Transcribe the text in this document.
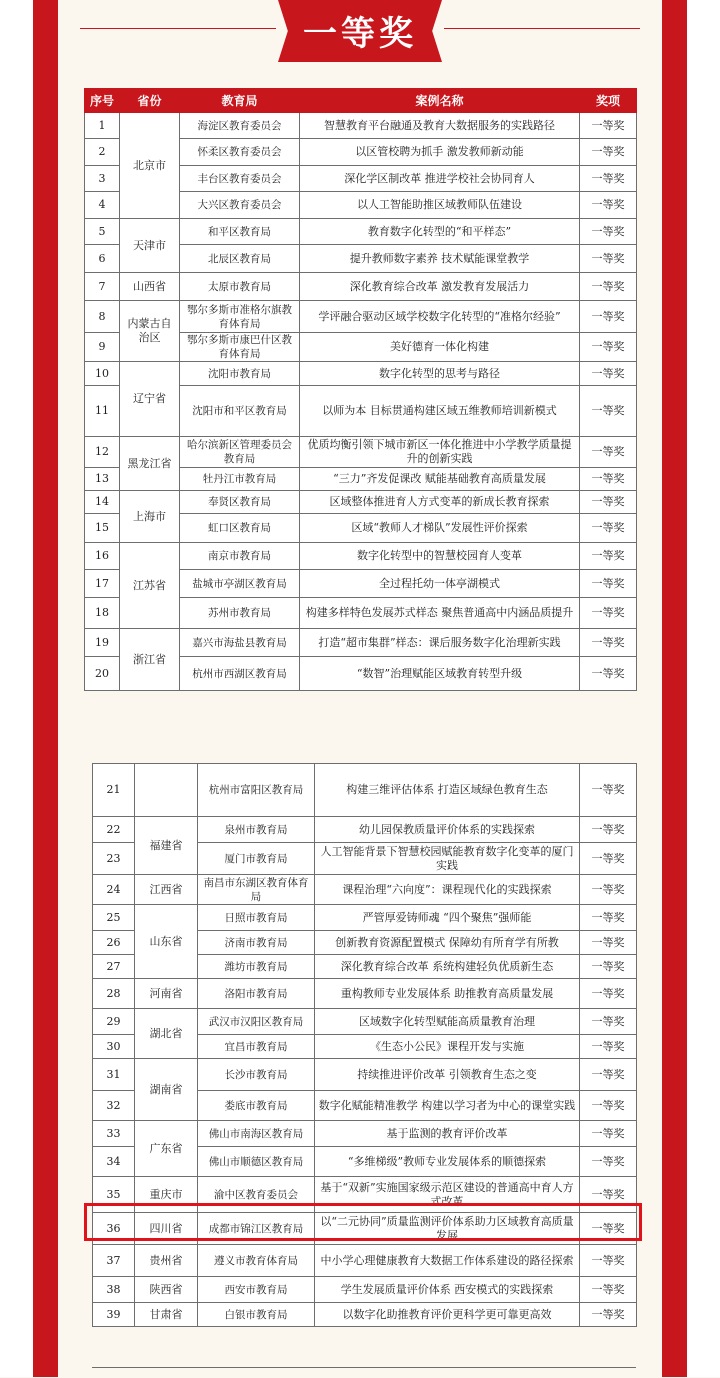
一等奖
序号	省份	教育局	案例名称	奖项
1	北京市	海淀区教育委员会	智慧教育平台融通及教育大数据服务的实践路径	一等奖
2		怀柔区教育委员会	以区管校聘为抓手 激发教师新动能	一等奖
3		丰台区教育委员会	深化学区制改革 推进学校社会协同育人	一等奖
4		大兴区教育委员会	以人工智能助推区域教师队伍建设	一等奖
5	天津市	和平区教育局	教育数字化转型的“和平样态”	一等奖
6		北辰区教育局	提升教师数字素养 技术赋能课堂教学	一等奖
7	山西省	太原市教育局	深化教育综合改革 激发教育发展活力	一等奖
8	内蒙古自治区	鄂尔多斯市准格尔旗教育体育局	学评融合驱动区域学校数字化转型的“准格尔经验”	一等奖
9		鄂尔多斯市康巴什区教育体育局	美好德育一体化构建	一等奖
10	辽宁省	沈阳市教育局	数字化转型的思考与路径	一等奖
11		沈阳市和平区教育局	以师为本 目标贯通构建区域五维教师培训新模式	一等奖
12	黑龙江省	哈尔滨新区管理委员会教育局	优质均衡引领下城市新区一体化推进中小学教学质量提升的创新实践	一等奖
13		牡丹江市教育局	“三力”齐发促课改 赋能基础教育高质量发展	一等奖
14	上海市	奉贤区教育局	区域整体推进育人方式变革的新成长教育探索	一等奖
15		虹口区教育局	区域“教师人才梯队”发展性评价探索	一等奖
16	江苏省	南京市教育局	数字化转型中的智慧校园育人变革	一等奖
17		盐城市亭湖区教育局	全过程托幼一体亭湖模式	一等奖
18		苏州市教育局	构建多样特色发展苏式样态 聚焦普通高中内涵品质提升	一等奖
19	浙江省	嘉兴市海盐县教育局	打造“超市集群”样态：课后服务数字化治理新实践	一等奖
20		杭州市西湖区教育局	“数智”治理赋能区域教育转型升级	一等奖
21		杭州市富阳区教育局	构建三维评估体系 打造区域绿色教育生态	一等奖
22	福建省	泉州市教育局	幼儿园保教质量评价体系的实践探索	一等奖
23		厦门市教育局	人工智能背景下智慧校园赋能教育数字化变革的厦门实践	一等奖
24	江西省	南昌市东湖区教育体育局	课程治理“六向度”：课程现代化的实践探索	一等奖
25	山东省	日照市教育局	严管厚爱铸师魂 “四个聚焦”强师能	一等奖
26		济南市教育局	创新教育资源配置模式 保障幼有所育学有所教	一等奖
27		潍坊市教育局	深化教育综合改革 系统构建轻负优质新生态	一等奖
28	河南省	洛阳市教育局	重构教师专业发展体系 助推教育高质量发展	一等奖
29	湖北省	武汉市汉阳区教育局	区域数字化转型赋能高质量教育治理	一等奖
30		宜昌市教育局	《生态小公民》课程开发与实施	一等奖
31	湖南省	长沙市教育局	持续推进评价改革 引领教育生态之变	一等奖
32		娄底市教育局	数字化赋能精准教学 构建以学习者为中心的课堂实践	一等奖
33	广东省	佛山市南海区教育局	基于监测的教育评价改革	一等奖
34		佛山市顺德区教育局	“多维梯级”教师专业发展体系的顺德探索	一等奖
35	重庆市	渝中区教育委员会	基于“双新”实施国家级示范区建设的普通高中育人方式改革	一等奖
36	四川省	成都市锦江区教育局	以“二元协同”质量监测评价体系助力区域教育高质量发展	一等奖
37	贵州省	遵义市教育体育局	中小学心理健康教育大数据工作体系建设的路径探索	一等奖
38	陕西省	西安市教育局	学生发展质量评价体系 西安模式的实践探索	一等奖
39	甘肃省	白银市教育局	以数字化助推教育评价更科学更可靠更高效	一等奖
